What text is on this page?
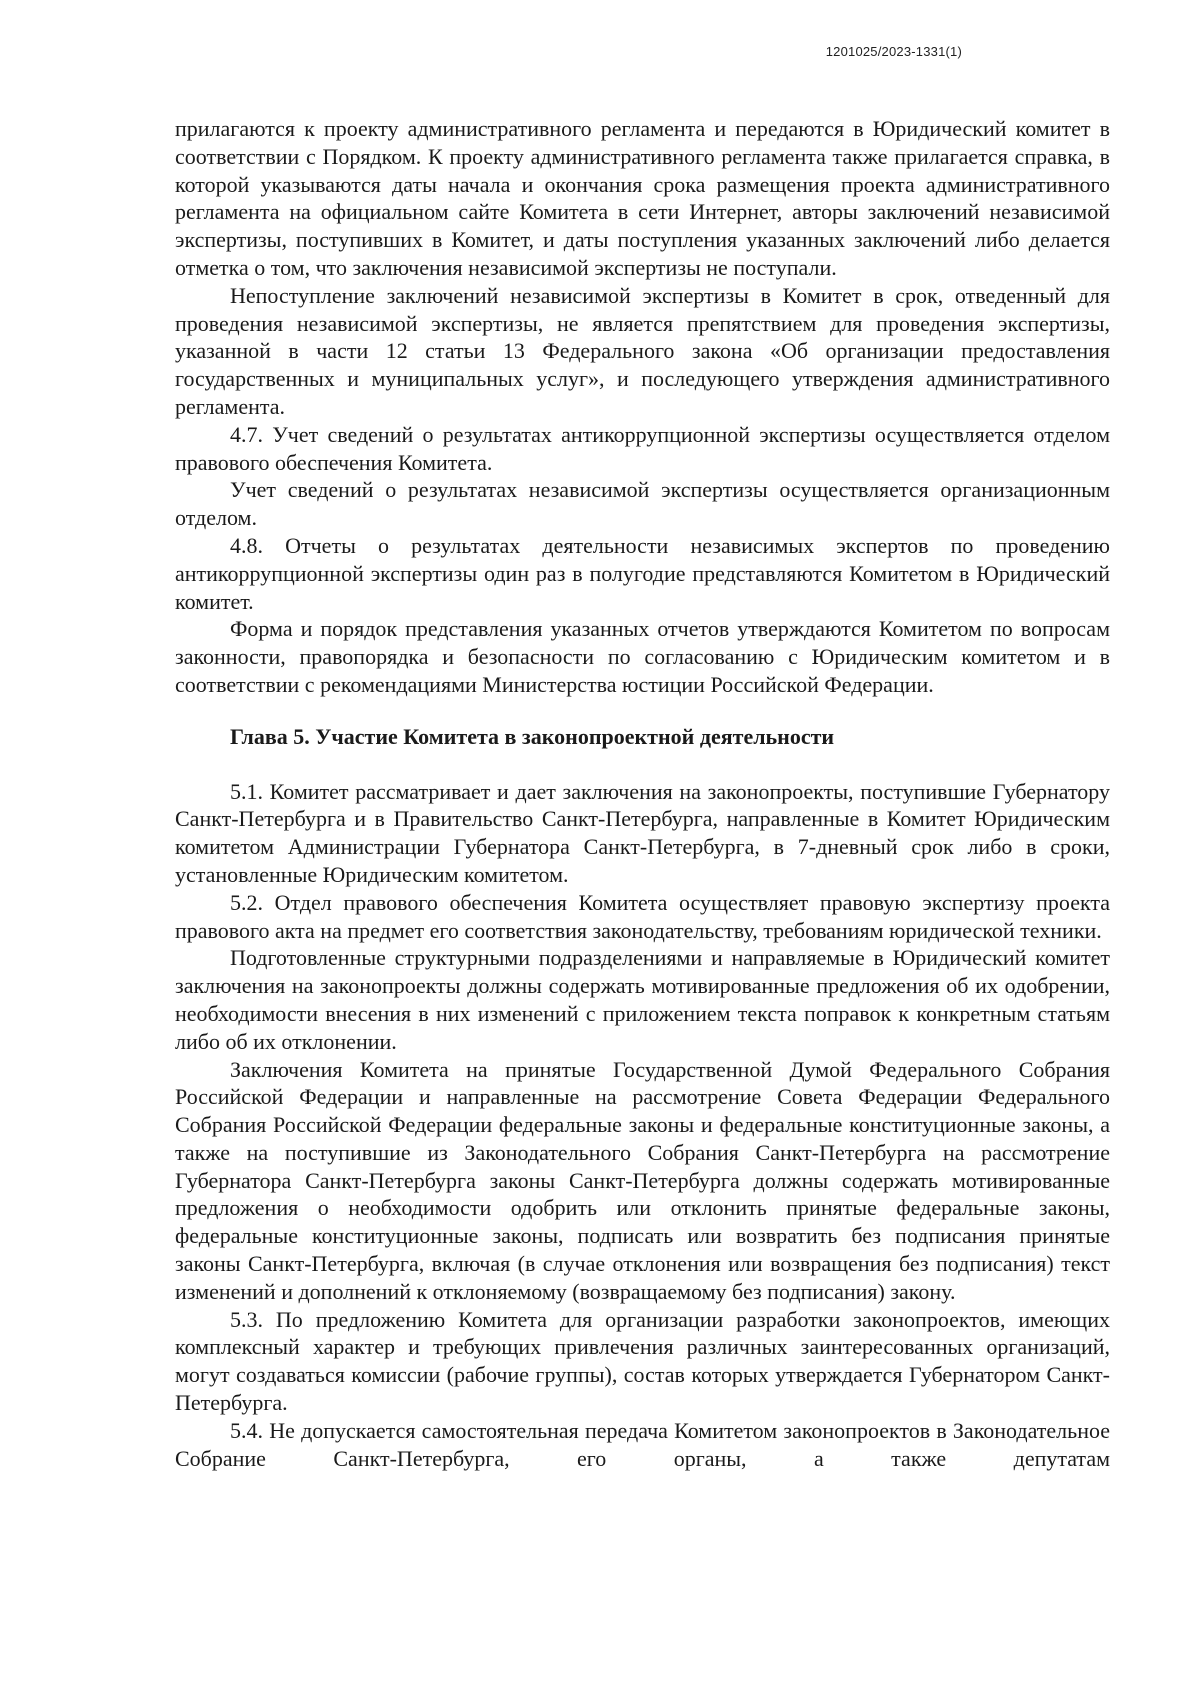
1201025/2023-1331(1)

прилагаются к проекту административного регламента и передаются в Юридический комитет в соответствии с Порядком. К проекту административного регламента также прилагается справка, в которой указываются даты начала и окончания срока размещения проекта административного регламента на официальном сайте Комитета в сети Интернет, авторы заключений независимой экспертизы, поступивших в Комитет, и даты поступления указанных заключений либо делается отметка о том, что заключения независимой экспертизы не поступали.

Непоступление заключений независимой экспертизы в Комитет в срок, отведенный для проведения независимой экспертизы, не является препятствием для проведения экспертизы, указанной в части 12 статьи 13 Федерального закона «Об организации предоставления государственных и муниципальных услуг», и последующего утверждения административного регламента.

4.7. Учет сведений о результатах антикоррупционной экспертизы осуществляется отделом правового обеспечения Комитета.

Учет сведений о результатах независимой экспертизы осуществляется организационным отделом.

4.8. Отчеты о результатах деятельности независимых экспертов по проведению антикоррупционной экспертизы один раз в полугодие представляются Комитетом в Юридический комитет.

Форма и порядок представления указанных отчетов утверждаются Комитетом по вопросам законности, правопорядка и безопасности по согласованию с Юридическим комитетом и в соответствии с рекомендациями Министерства юстиции Российской Федерации.

Глава 5. Участие Комитета в законопроектной деятельности

5.1. Комитет рассматривает и дает заключения на законопроекты, поступившие Губернатору Санкт-Петербурга и в Правительство Санкт-Петербурга, направленные в Комитет Юридическим комитетом Администрации Губернатора Санкт-Петербурга, в 7-дневный срок либо в сроки, установленные Юридическим комитетом.

5.2. Отдел правового обеспечения Комитета осуществляет правовую экспертизу проекта правового акта на предмет его соответствия законодательству, требованиям юридической техники.

Подготовленные структурными подразделениями и направляемые в Юридический комитет заключения на законопроекты должны содержать мотивированные предложения об их одобрении, необходимости внесения в них изменений с приложением текста поправок к конкретным статьям либо об их отклонении.

Заключения Комитета на принятые Государственной Думой Федерального Собрания Российской Федерации и направленные на рассмотрение Совета Федерации Федерального Собрания Российской Федерации федеральные законы и федеральные конституционные законы, а также на поступившие из Законодательного Собрания Санкт-Петербурга на рассмотрение Губернатора Санкт-Петербурга законы Санкт-Петербурга должны содержать мотивированные предложения о необходимости одобрить или отклонить принятые федеральные законы, федеральные конституционные законы, подписать или возвратить без подписания принятые законы Санкт-Петербурга, включая (в случае отклонения или возвращения без подписания) текст изменений и дополнений к отклоняемому (возвращаемому без подписания) закону.

5.3. По предложению Комитета для организации разработки законопроектов, имеющих комплексный характер и требующих привлечения различных заинтересованных организаций, могут создаваться комиссии (рабочие группы), состав которых утверждается Губернатором Санкт-Петербурга.

5.4. Не допускается самостоятельная передача Комитетом законопроектов в Законодательное Собрание Санкт-Петербурга, его органы, а также депутатам
